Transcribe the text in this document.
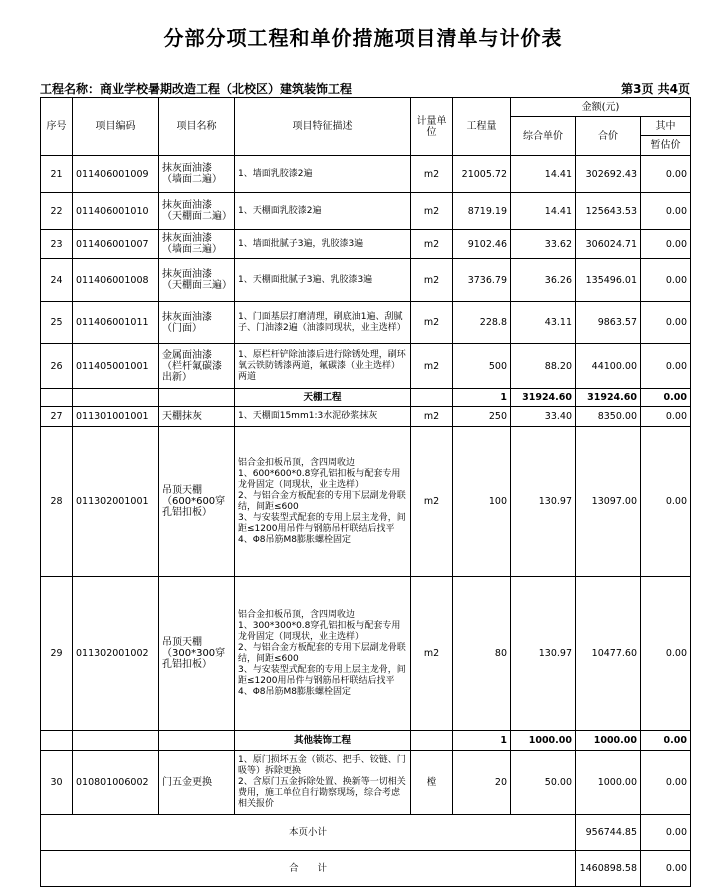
分部分项工程和单价措施项目清单与计价表
工程名称：商业学校暑期改造工程（北校区）建筑装饰工程	第3页 共4页
序号	项目编码	项目名称	项目特征描述	计量单位	工程量	金额(元)		
						综合单价	合价	其中
								暂估价
21	011406001009	抹灰面油漆（墙面二遍）	1、墙面乳胶漆2遍	m2	21005.72	14.41	302692.43	0.00
22	011406001010	抹灰面油漆（天棚面二遍）	1、天棚面乳胶漆2遍	m2	8719.19	14.41	125643.53	0.00
23	011406001007	抹灰面油漆（墙面三遍）	1、墙面批腻子3遍，乳胶漆3遍	m2	9102.46	33.62	306024.71	0.00
24	011406001008	抹灰面油漆（天棚面三遍）	1、天棚面批腻子3遍、乳胶漆3遍	m2	3736.79	36.26	135496.01	0.00
25	011406001011	抹灰面油漆（门面）	1、门面基层打磨清理，刷底油1遍、刮腻子、门油漆2遍（油漆同现状，业主选样）	m2	228.8	43.11	9863.57	0.00
26	011405001001	金属面油漆（栏杆氟碳漆出新）	1、原栏杆铲除油漆后进行除锈处理，刷环氧云铁防锈漆两道，氟碳漆（业主选样）两道	m2	500	88.20	44100.00	0.00
			天棚工程		1	31924.60	31924.60	0.00
27	011301001001	天棚抹灰	1、天棚面15mm1:3水泥砂浆抹灰	m2	250	33.40	8350.00	0.00
28	011302001001	吊顶天棚（600*600穿孔铝扣板）	铝合金扣板吊顶，含四周收边
1、600*600*0.8穿孔铝扣板与配套专用龙骨固定（同现状，业主选样）
2、与铝合金方板配套的专用下层副龙骨联结，间距≤600
3、与安装型式配套的专用上层主龙骨，间距≤1200用吊件与钢筋吊杆联结后找平
4、Φ8吊筋M8膨胀螺栓固定	m2	100	130.97	13097.00	0.00
29	011302001002	吊顶天棚（300*300穿孔铝扣板）	铝合金扣板吊顶，含四周收边
1、300*300*0.8穿孔铝扣板与配套专用龙骨固定（同现状，业主选样）
2、与铝合金方板配套的专用下层副龙骨联结，间距≤600
3、与安装型式配套的专用上层主龙骨，间距≤1200用吊件与钢筋吊杆联结后找平
4、Φ8吊筋M8膨胀螺栓固定	m2	80	130.97	10477.60	0.00
			其他装饰工程		1	1000.00	1000.00	0.00
30	010801006002	门五金更换	1、原门损坏五金（锁芯、把手、铰链、门吸等）拆除更换
2、含原门五金拆除处置、换新等一切相关费用，施工单位自行勘察现场，综合考虑相关报价	樘	20	50.00	1000.00	0.00
本页小计							956744.85	0.00
合　　计							1460898.58	0.00
